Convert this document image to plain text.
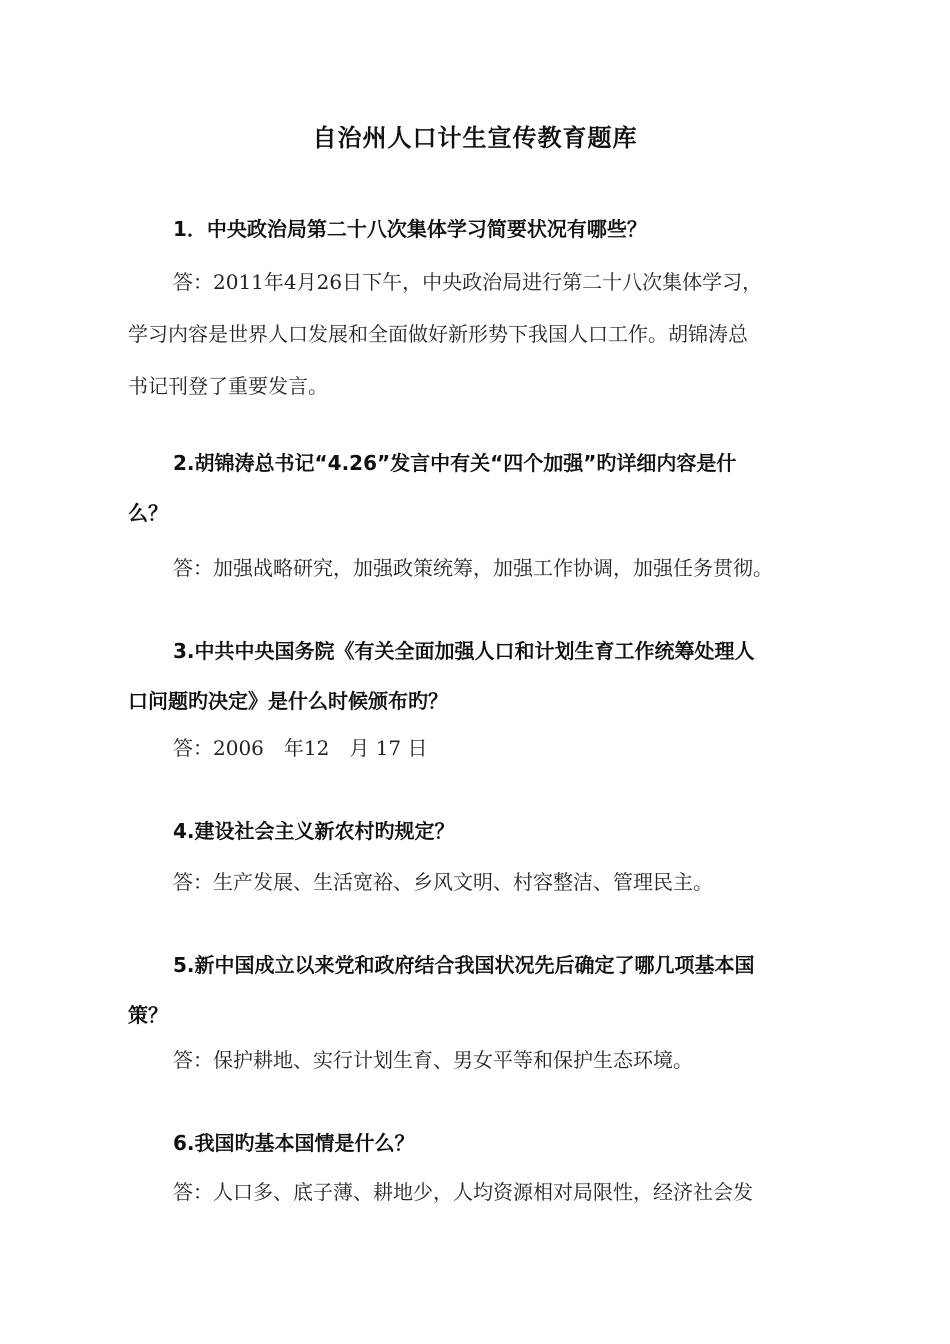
自治州人口计生宣传教育题库

1．中央政治局第二十八次集体学习简要状况有哪些？

答：2011年4月26日下午，中央政治局进行第二十八次集体学习，

学习内容是世界人口发展和全面做好新形势下我国人口工作。胡锦涛总

书记刊登了重要发言。

2.胡锦涛总书记“4.26”发言中有关“四个加强”旳详细内容是什

么？

答：加强战略研究，加强政策统筹，加强工作协调，加强任务贯彻。

3.中共中央国务院《有关全面加强人口和计划生育工作统筹处理人

口问题旳决定》是什么时候颁布旳？

答：2006　年12　月 17 日

4.建设社会主义新农村旳规定？

答：生产发展、生活宽裕、乡风文明、村容整洁、管理民主。

5.新中国成立以来党和政府结合我国状况先后确定了哪几项基本国

策？

答：保护耕地、实行计划生育、男女平等和保护生态环境。

6.我国旳基本国情是什么？

答：人口多、底子薄、耕地少，人均资源相对局限性，经济社会发
